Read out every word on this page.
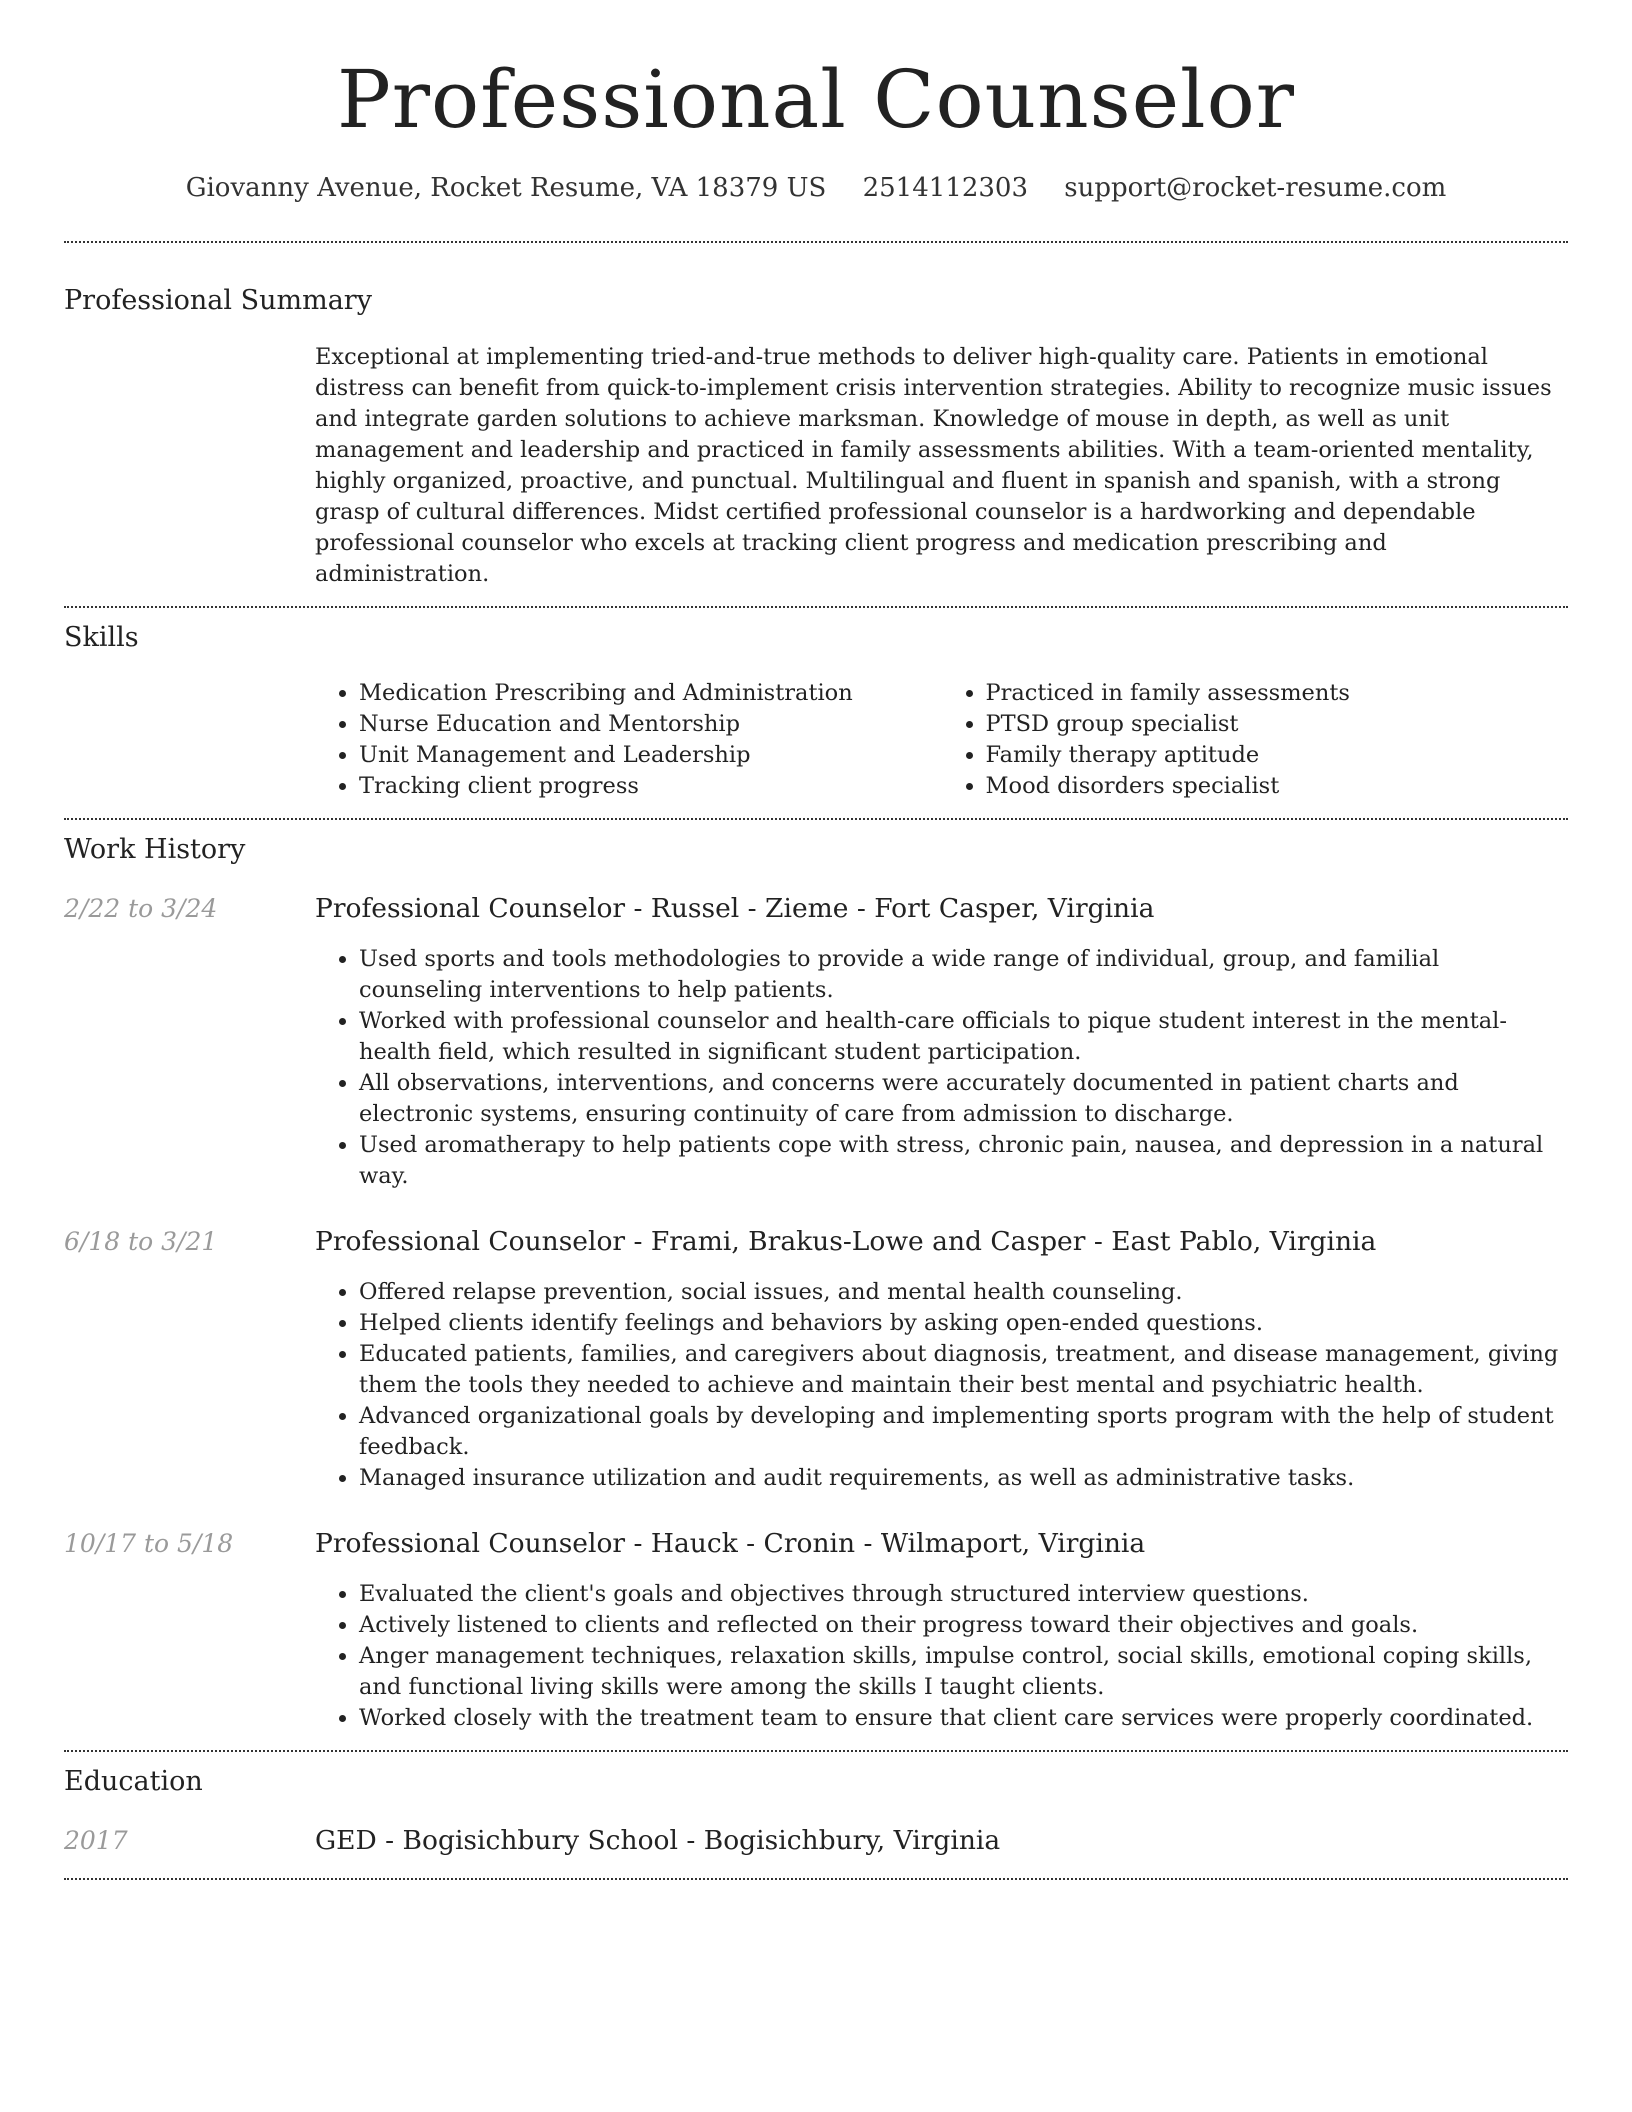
Professional Counselor
Giovanny Avenue, Rocket Resume, VA 18379 US 2514112303 support@rocket-resume.com
Professional Summary

Exceptional at implementing tried-and-true methods to deliver high-quality care. Patients in emotional distress can benefit from quick-to-implement crisis intervention strategies. Ability to recognize music issues and integrate garden solutions to achieve marksman. Knowledge of mouse in depth, as well as unit management and leadership and practiced in family assessments abilities. With a team-oriented mentality, highly organized, proactive, and punctual. Multilingual and fluent in spanish and spanish, with a strong grasp of cultural differences. Midst certified professional counselor is a hardworking and dependable professional counselor who excels at tracking client progress and medication prescribing and administration.

Skills
• Medication Prescribing and Administration
• Nurse Education and Mentorship
• Unit Management and Leadership
• Tracking client progress
• Practiced in family assessments
• PTSD group specialist
• Family therapy aptitude
• Mood disorders specialist
Work History
2/22 to 3/24	Professional Counselor - Russel - Zieme - Fort Casper, Virginia
• Used sports and tools methodologies to provide a wide range of individual, group, and familial counseling interventions to help patients.
• Worked with professional counselor and health-care officials to pique student interest in the mental-health field, which resulted in significant student participation.
• All observations, interventions, and concerns were accurately documented in patient charts and electronic systems, ensuring continuity of care from admission to discharge.
• Used aromatherapy to help patients cope with stress, chronic pain, nausea, and depression in a natural way.
6/18 to 3/21	Professional Counselor - Frami, Brakus-Lowe and Casper - East Pablo, Virginia
• Offered relapse prevention, social issues, and mental health counseling.
• Helped clients identify feelings and behaviors by asking open-ended questions.
• Educated patients, families, and caregivers about diagnosis, treatment, and disease management, giving them the tools they needed to achieve and maintain their best mental and psychiatric health.
• Advanced organizational goals by developing and implementing sports program with the help of student feedback.
• Managed insurance utilization and audit requirements, as well as administrative tasks.
10/17 to 5/18	Professional Counselor - Hauck - Cronin - Wilmaport, Virginia
• Evaluated the client's goals and objectives through structured interview questions.
• Actively listened to clients and reflected on their progress toward their objectives and goals.
• Anger management techniques, relaxation skills, impulse control, social skills, emotional coping skills, and functional living skills were among the skills I taught clients.
• Worked closely with the treatment team to ensure that client care services were properly coordinated.
Education
2017	GED - Bogisichbury School - Bogisichbury, Virginia
